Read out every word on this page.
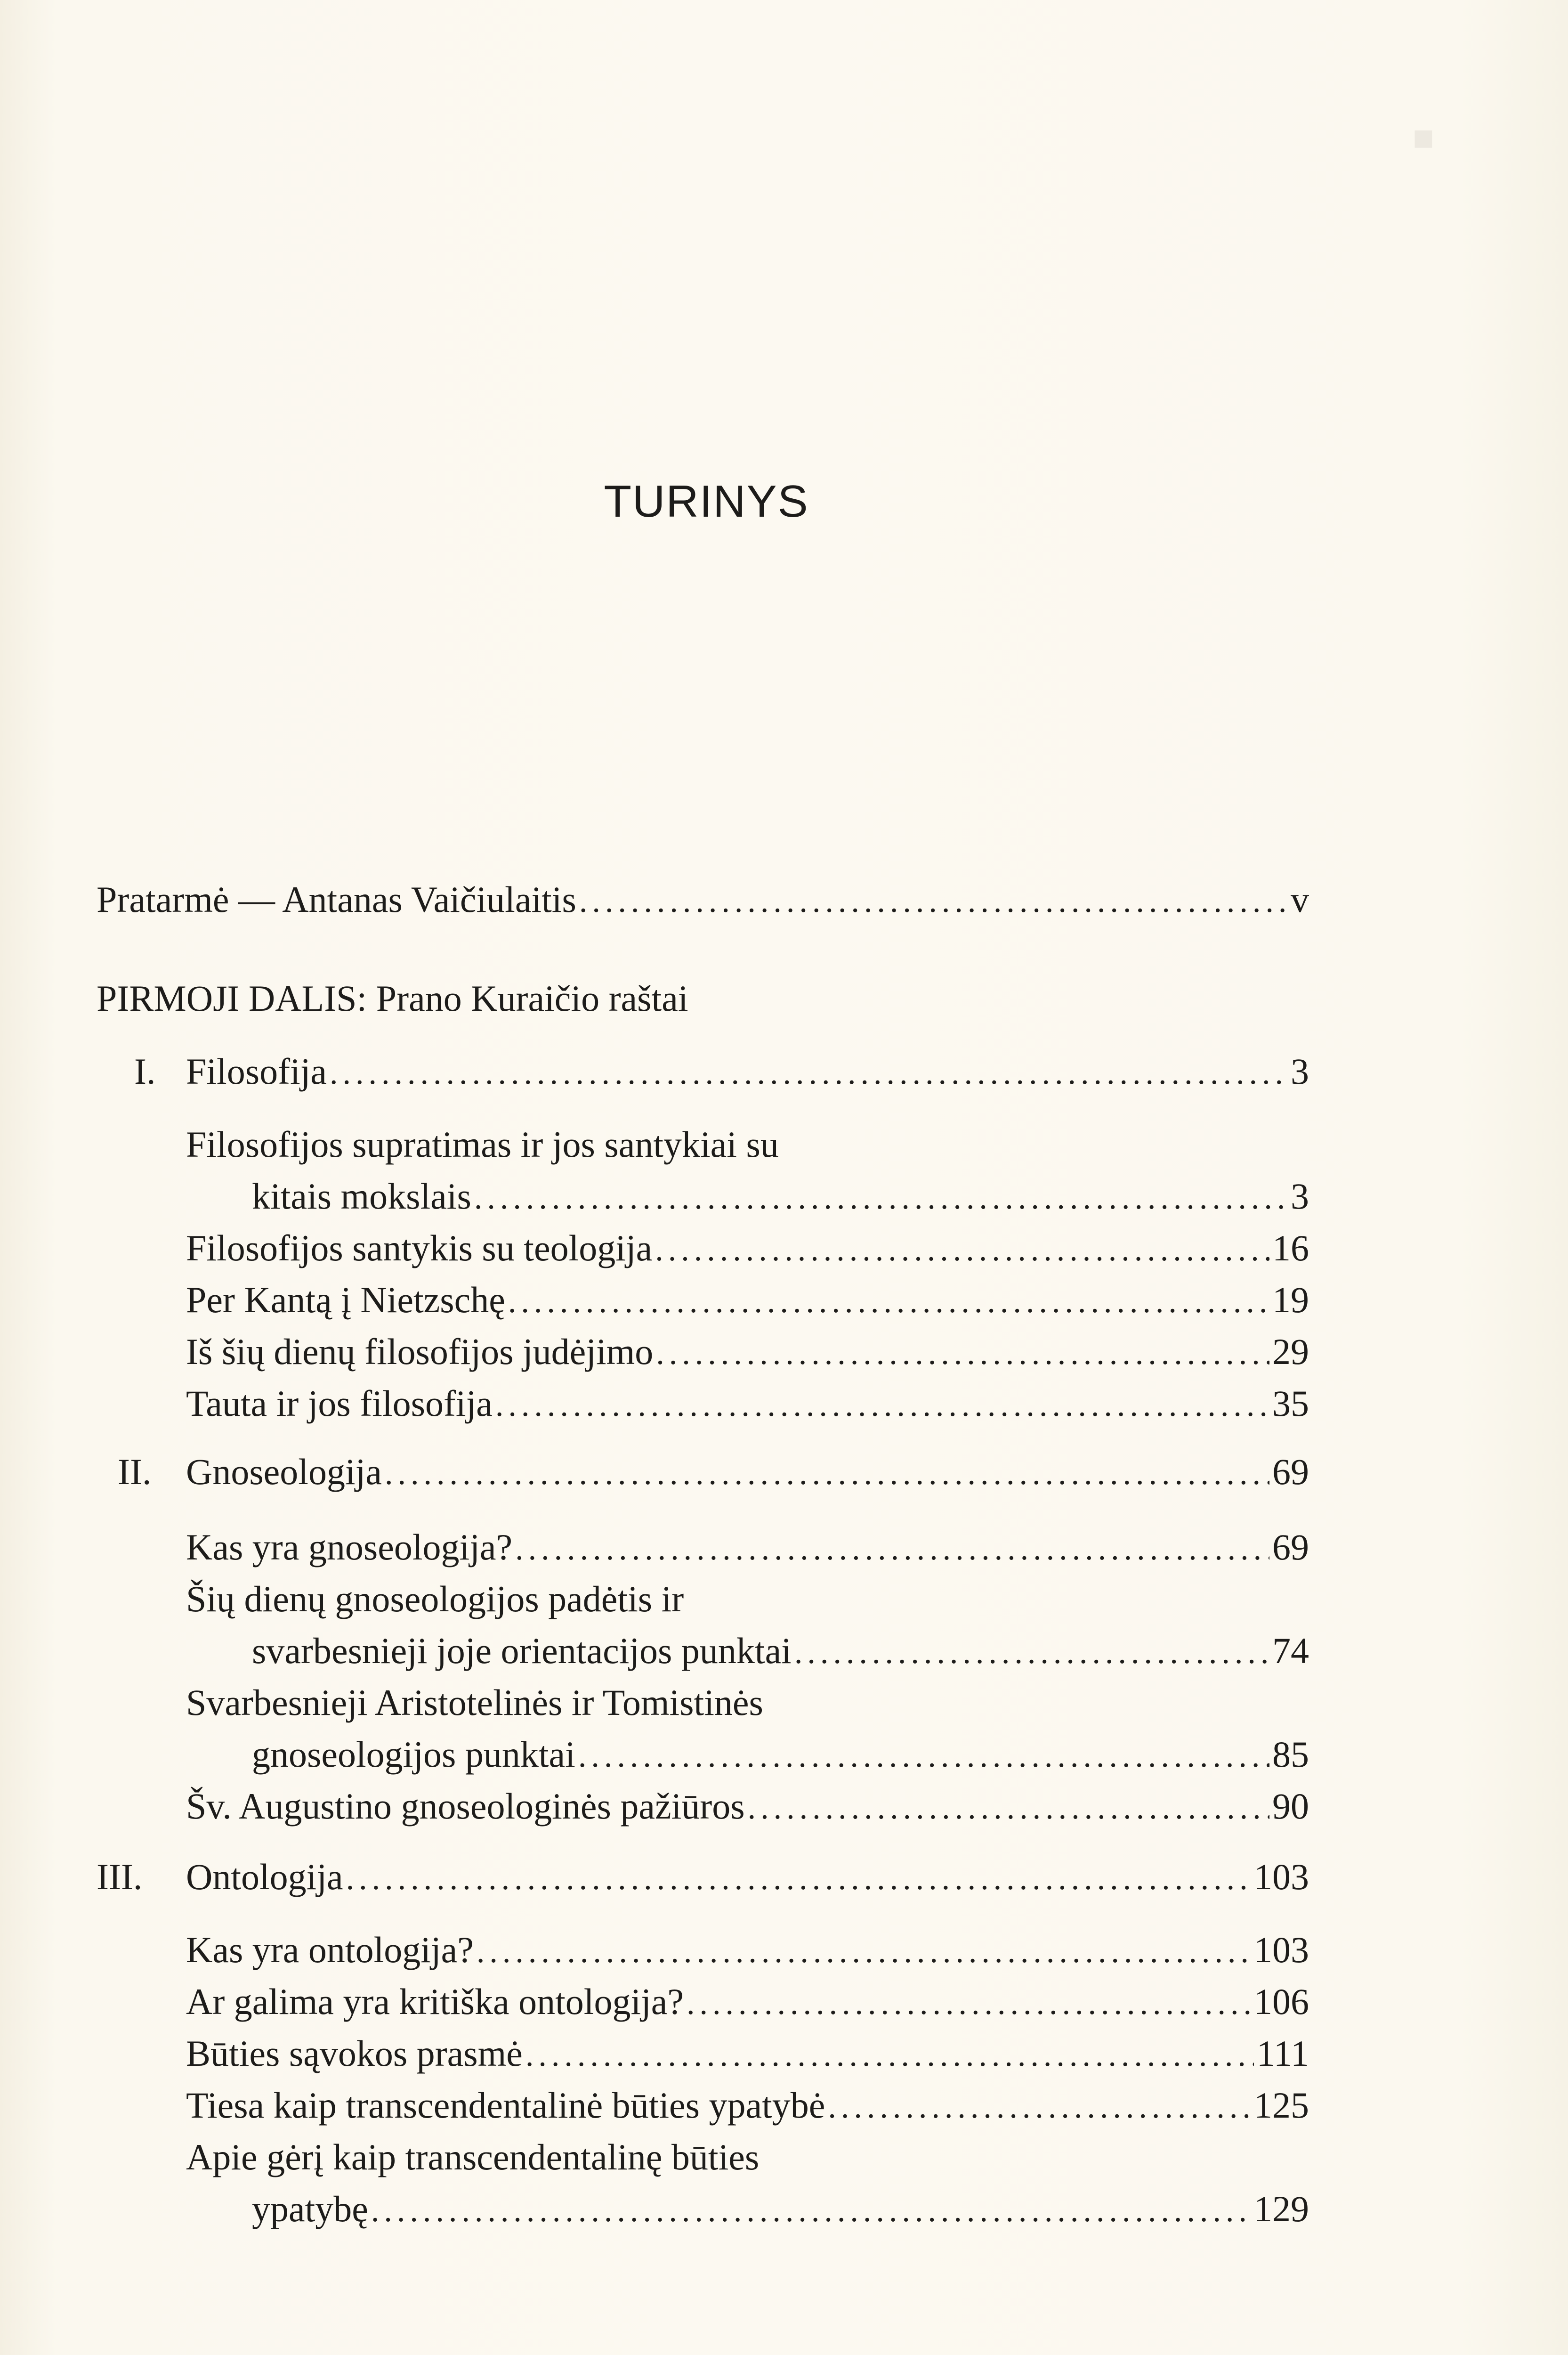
■
TURINYS
Pratarmė — Antanas Vaičiulaitis .....	v
PIRMOJI DALIS: Prano Kuraičio raštai
I. Filosofija .....	3
Filosofijos supratimas ir jos santykiai su
kitais mokslais .....	3
Filosofijos santykis su teologija .....	16
Per Kantą į Nietzschę .....	19
Iš šių dienų filosofijos judėjimo .....	29
Tauta ir jos filosofija .....	35
II. Gnoseologija .....	69
Kas yra gnoseologija? .....	69
Šių dienų gnoseologijos padėtis ir
svarbesnieji joje orientacijos punktai .....	74
Svarbesnieji Aristotelinės ir Tomistinės
gnoseologijos punktai .....	85
Šv. Augustino gnoseologinės pažiūros .....	90
III. Ontologija .....	103
Kas yra ontologija? .....	103
Ar galima yra kritiška ontologija? .....	106
Būties sąvokos prasmė .....	111
Tiesa kaip transcendentalinė būties ypatybė .....	125
Apie gėrį kaip transcendentalinę būties
ypatybę .....	129
